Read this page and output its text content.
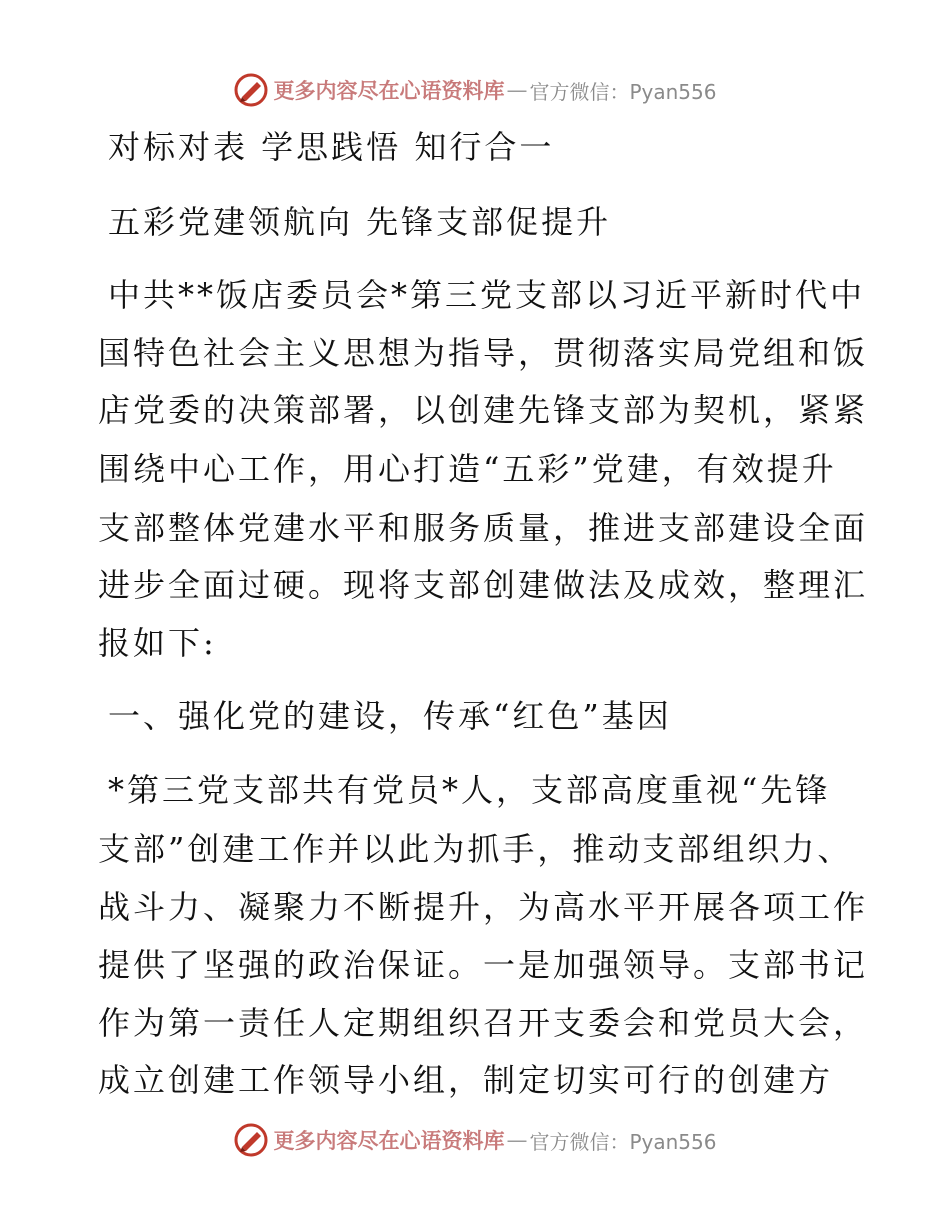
更多内容尽在心语资料库 — 官方微信：Pyan556
对标对表 学思践悟 知行合一
五彩党建领航向 先锋支部促提升
中共**饭店委员会*第三党支部以习近平新时代中
国特色社会主义思想为指导，贯彻落实局党组和饭
店党委的决策部署，以创建先锋支部为契机，紧紧
围绕中心工作，用心打造“五彩”党建，有效提升
支部整体党建水平和服务质量，推进支部建设全面
进步全面过硬。现将支部创建做法及成效，整理汇
报如下:
一、强化党的建设，传承“红色”基因
*第三党支部共有党员*人，支部高度重视“先锋
支部”创建工作并以此为抓手，推动支部组织力、
战斗力、凝聚力不断提升，为高水平开展各项工作
提供了坚强的政治保证。一是加强领导。支部书记
作为第一责任人定期组织召开支委会和党员大会，
成立创建工作领导小组，制定切实可行的创建方
更多内容尽在心语资料库 — 官方微信：Pyan556
